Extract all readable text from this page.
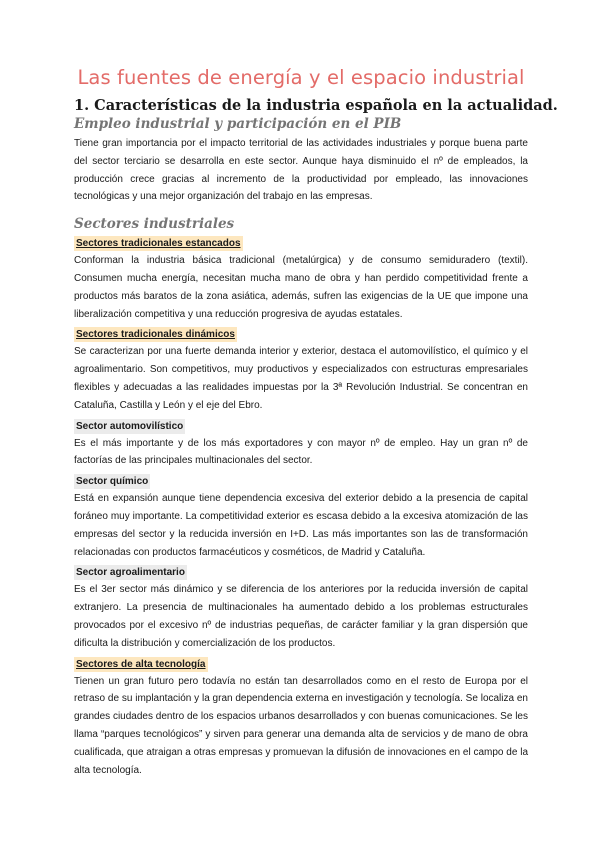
Las fuentes de energía y el espacio industrial
1. Características de la industria española en la actualidad.
Empleo industrial y participación en el PIB

Tiene gran importancia por el impacto territorial de las actividades industriales y porque buena parte del sector terciario se desarrolla en este sector. Aunque haya disminuido el nº de empleados, la producción crece gracias al incremento de la productividad por empleado, las innovaciones tecnológicas y una mejor organización del trabajo en las empresas.

Sectores industriales
Sectores tradicionales estancados

Conforman la industria básica tradicional (metalúrgica) y de consumo semiduradero (textil). Consumen mucha energía, necesitan mucha mano de obra y han perdido competitividad frente a productos más baratos de la zona asiática, además, sufren las exigencias de la UE que impone una liberalización competitiva y una reducción progresiva de ayudas estatales.

Sectores tradicionales dinámicos

Se caracterizan por una fuerte demanda interior y exterior, destaca el automovilístico, el químico y el agroalimentario. Son competitivos, muy productivos y especializados con estructuras empresariales flexibles y adecuadas a las realidades impuestas por la 3ª Revolución Industrial. Se concentran en Cataluña, Castilla y León y el eje del Ebro.

Sector automovilístico

Es el más importante y de los más exportadores y con mayor nº de empleo. Hay un gran nº de factorías de las principales multinacionales del sector.

Sector químico

Está en expansión aunque tiene dependencia excesiva del exterior debido a la presencia de capital foráneo muy importante. La competitividad exterior es escasa debido a la excesiva atomización de las empresas del sector y la reducida inversión en I+D. Las más importantes son las de transformación relacionadas con productos farmacéuticos y cosméticos, de Madrid y Cataluña.

Sector agroalimentario

Es el 3er sector más dinámico y se diferencia de los anteriores por la reducida inversión de capital extranjero. La presencia de multinacionales ha aumentado debido a los problemas estructurales provocados por el excesivo nº de industrias pequeñas, de carácter familiar y la gran dispersión que dificulta la distribución y comercialización de los productos.

Sectores de alta tecnología

Tienen un gran futuro pero todavía no están tan desarrollados como en el resto de Europa por el retraso de su implantación y la gran dependencia externa en investigación y tecnología. Se localiza en grandes ciudades dentro de los espacios urbanos desarrollados y con buenas comunicaciones. Se les llama “parques tecnológicos” y sirven para generar una demanda alta de servicios y de mano de obra cualificada, que atraigan a otras empresas y promuevan la difusión de innovaciones en el campo de la alta tecnología.
